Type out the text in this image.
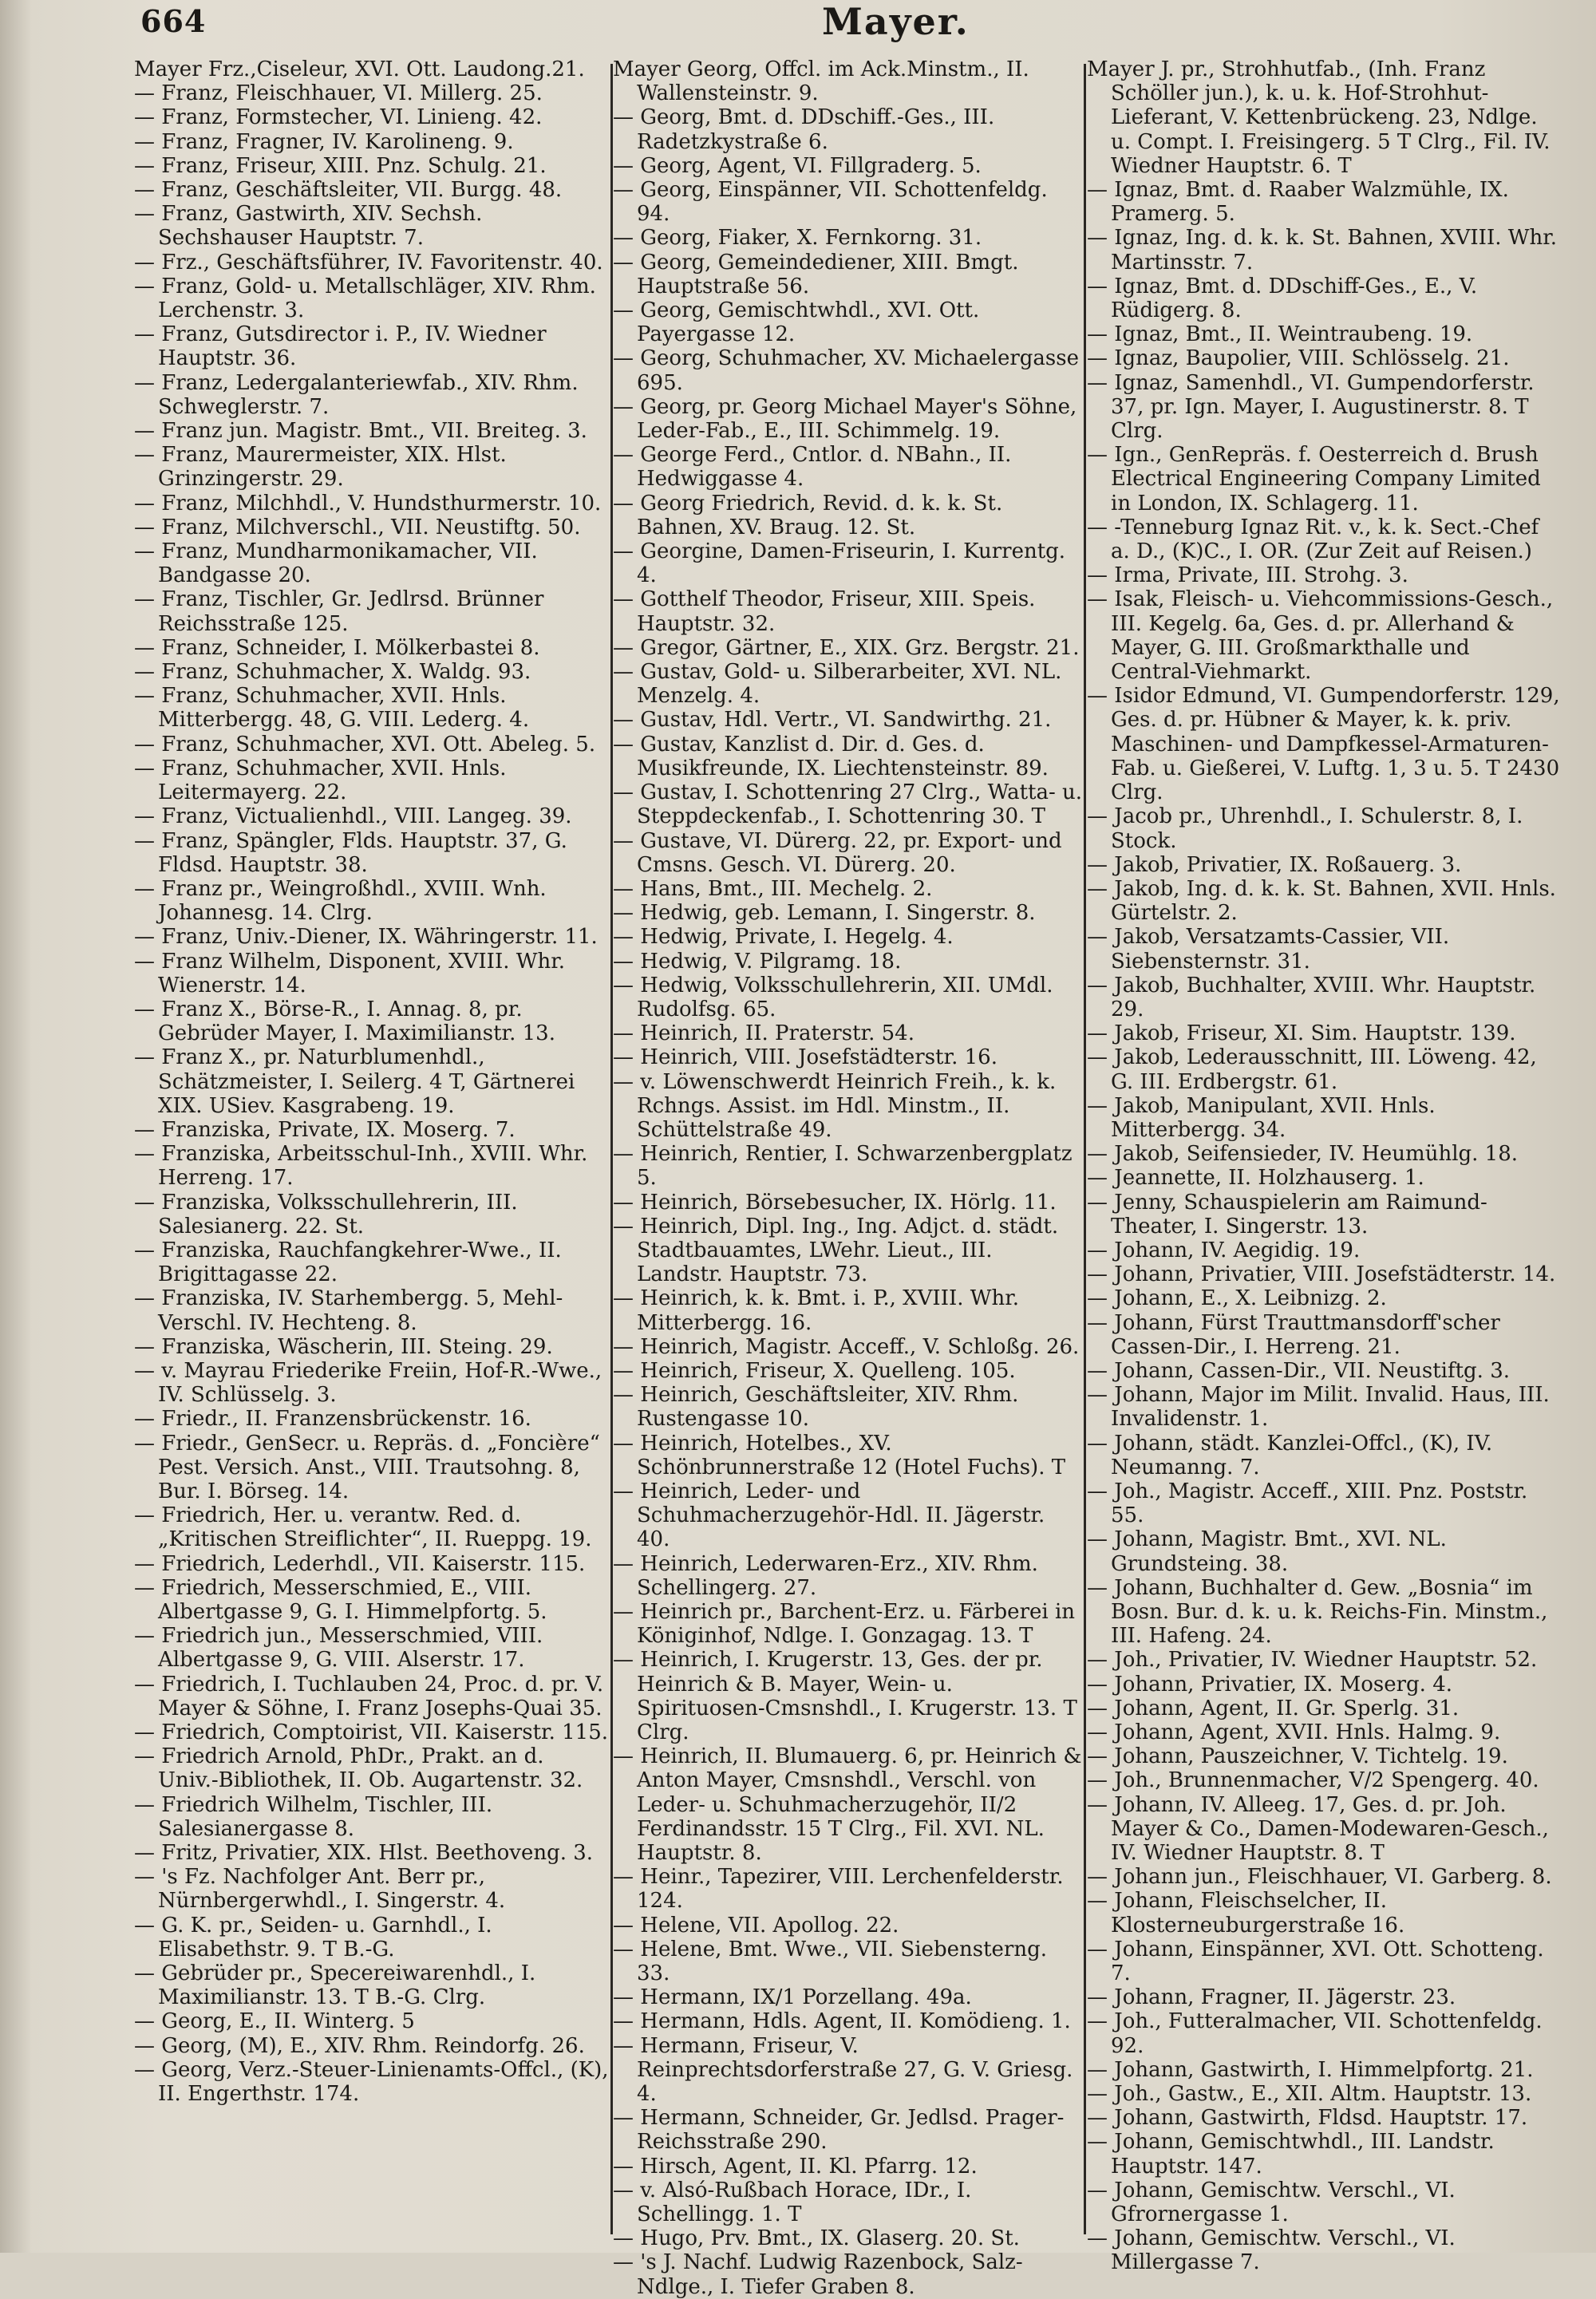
664	Mayer.

Mayer Frz.,Ciseleur, XVI. Ott. Laudong.21.

— Franz, Fleischhauer, VI. Millerg. 25.

— Franz, Formstecher, VI. Linieng. 42.

— Franz, Fragner, IV. Karolineng. 9.

— Franz, Friseur, XIII. Pnz. Schulg. 21.

— Franz, Geschäftsleiter, VII. Burgg. 48.

— Franz, Gastwirth, XIV. Sechsh. Sechshauser Hauptstr. 7.

— Frz., Geschäftsführer, IV. Favoritenstr. 40.

— Franz, Gold- u. Metallschläger, XIV. Rhm. Lerchenstr. 3.

— Franz, Gutsdirector i. P., IV. Wiedner Hauptstr. 36.

— Franz, Ledergalanteriewfab., XIV. Rhm. Schweglerstr. 7.

— Franz jun. Magistr. Bmt., VII. Breiteg. 3.

— Franz, Maurermeister, XIX. Hlst. Grinzingerstr. 29.

— Franz, Milchhdl., V. Hundsthurmerstr. 10.

— Franz, Milchverschl., VII. Neustiftg. 50.

— Franz, Mundharmonikamacher, VII. Bandgasse 20.

— Franz, Tischler, Gr. Jedlrsd. Brünner Reichsstraße 125.

— Franz, Schneider, I. Mölkerbastei 8.

— Franz, Schuhmacher, X. Waldg. 93.

— Franz, Schuhmacher, XVII. Hnls. Mitterbergg. 48, G. VIII. Lederg. 4.

— Franz, Schuhmacher, XVI. Ott. Abeleg. 5.

— Franz, Schuhmacher, XVII. Hnls. Leitermayerg. 22.

— Franz, Victualienhdl., VIII. Langeg. 39.

— Franz, Spängler, Flds. Hauptstr. 37, G. Fldsd. Hauptstr. 38.

— Franz pr., Weingroßhdl., XVIII. Wnh. Johannesg. 14. Clrg.

— Franz, Univ.-Diener, IX. Währingerstr. 11.

— Franz Wilhelm, Disponent, XVIII. Whr. Wienerstr. 14.

— Franz X., Börse-R., I. Annag. 8, pr. Gebrüder Mayer, I. Maximilianstr. 13.

— Franz X., pr. Naturblumenhdl., Schätzmeister, I. Seilerg. 4 T, Gärtnerei XIX. USiev. Kasgrabeng. 19.

— Franziska, Private, IX. Moserg. 7.

— Franziska, Arbeitsschul-Inh., XVIII. Whr. Herreng. 17.

— Franziska, Volksschullehrerin, III. Salesianerg. 22. St.

— Franziska, Rauchfangkehrer-Wwe., II. Brigittagasse 22.

— Franziska, IV. Starhembergg. 5, Mehl-Verschl. IV. Hechteng. 8.

— Franziska, Wäscherin, III. Steing. 29.

— v. Mayrau Friederike Freiin, Hof-R.-Wwe., IV. Schlüsselg. 3.

— Friedr., II. Franzensbrückenstr. 16.

— Friedr., GenSecr. u. Repräs. d. „Foncière“ Pest. Versich. Anst., VIII. Trautsohng. 8, Bur. I. Börseg. 14.

— Friedrich, Her. u. verantw. Red. d. „Kritischen Streiflichter“, II. Rueppg. 19.

— Friedrich, Lederhdl., VII. Kaiserstr. 115.

— Friedrich, Messerschmied, E., VIII. Albertgasse 9, G. I. Himmelpfortg. 5.

— Friedrich jun., Messerschmied, VIII. Albertgasse 9, G. VIII. Alserstr. 17.

— Friedrich, I. Tuchlauben 24, Proc. d. pr. V. Mayer & Söhne, I. Franz Josephs-Quai 35.

— Friedrich, Comptoirist, VII. Kaiserstr. 115.

— Friedrich Arnold, PhDr., Prakt. an d. Univ.-Bibliothek, II. Ob. Augartenstr. 32.

— Friedrich Wilhelm, Tischler, III. Salesianergasse 8.

— Fritz, Privatier, XIX. Hlst. Beethoveng. 3.

— 's Fz. Nachfolger Ant. Berr pr., Nürnbergerwhdl., I. Singerstr. 4.

— G. K. pr., Seiden- u. Garnhdl., I. Elisabethstr. 9. T B.-G.

— Gebrüder pr., Specereiwarenhdl., I. Maximilianstr. 13. T B.-G. Clrg.

— Georg, E., II. Winterg. 5

— Georg, (M), E., XIV. Rhm. Reindorfg. 26.

— Georg, Verz.-Steuer-Linienamts-Offcl., (K), II. Engerthstr. 174.

Mayer Georg, Offcl. im Ack.Minstm., II. Wallensteinstr. 9.

— Georg, Bmt. d. DDschiff.-Ges., III. Radetzkystraße 6.

— Georg, Agent, VI. Fillgraderg. 5.

— Georg, Einspänner, VII. Schottenfeldg. 94.

— Georg, Fiaker, X. Fernkorng. 31.

— Georg, Gemeindediener, XIII. Bmgt. Hauptstraße 56.

— Georg, Gemischtwhdl., XVI. Ott. Payergasse 12.

— Georg, Schuhmacher, XV. Michaelergasse 695.

— Georg, pr. Georg Michael Mayer's Söhne, Leder-Fab., E., III. Schimmelg. 19.

— George Ferd., Cntlor. d. NBahn., II. Hedwiggasse 4.

— Georg Friedrich, Revid. d. k. k. St. Bahnen, XV. Braug. 12. St.

— Georgine, Damen-Friseurin, I. Kurrentg. 4.

— Gotthelf Theodor, Friseur, XIII. Speis. Hauptstr. 32.

— Gregor, Gärtner, E., XIX. Grz. Bergstr. 21.

— Gustav, Gold- u. Silberarbeiter, XVI. NL. Menzelg. 4.

— Gustav, Hdl. Vertr., VI. Sandwirthg. 21.

— Gustav, Kanzlist d. Dir. d. Ges. d. Musikfreunde, IX. Liechtensteinstr. 89.

— Gustav, I. Schottenring 27 Clrg., Watta- u. Steppdeckenfab., I. Schottenring 30. T

— Gustave, VI. Dürerg. 22, pr. Export- und Cmsns. Gesch. VI. Dürerg. 20.

— Hans, Bmt., III. Mechelg. 2.

— Hedwig, geb. Lemann, I. Singerstr. 8.

— Hedwig, Private, I. Hegelg. 4.

— Hedwig, V. Pilgramg. 18.

— Hedwig, Volksschullehrerin, XII. UMdl. Rudolfsg. 65.

— Heinrich, II. Praterstr. 54.

— Heinrich, VIII. Josefstädterstr. 16.

— v. Löwenschwerdt Heinrich Freih., k. k. Rchngs. Assist. im Hdl. Minstm., II. Schüttelstraße 49.

— Heinrich, Rentier, I. Schwarzenbergplatz 5.

— Heinrich, Börsebesucher, IX. Hörlg. 11.

— Heinrich, Dipl. Ing., Ing. Adjct. d. städt. Stadtbauamtes, LWehr. Lieut., III. Landstr. Hauptstr. 73.

— Heinrich, k. k. Bmt. i. P., XVIII. Whr. Mitterbergg. 16.

— Heinrich, Magistr. Acceff., V. Schloßg. 26.

— Heinrich, Friseur, X. Quelleng. 105.

— Heinrich, Geschäftsleiter, XIV. Rhm. Rustengasse 10.

— Heinrich, Hotelbes., XV. Schönbrunnerstraße 12 (Hotel Fuchs). T

— Heinrich, Leder- und Schuhmacherzugehör-Hdl. II. Jägerstr. 40.

— Heinrich, Lederwaren-Erz., XIV. Rhm. Schellingerg. 27.

— Heinrich pr., Barchent-Erz. u. Färberei in Königinhof, Ndlge. I. Gonzagag. 13. T

— Heinrich, I. Krugerstr. 13, Ges. der pr. Heinrich & B. Mayer, Wein- u. Spirituosen-Cmsnshdl., I. Krugerstr. 13. T Clrg.

— Heinrich, II. Blumauerg. 6, pr. Heinrich & Anton Mayer, Cmsnshdl., Verschl. von Leder- u. Schuhmacherzugehör, II/2 Ferdinandsstr. 15 T Clrg., Fil. XVI. NL. Hauptstr. 8.

— Heinr., Tapezirer, VIII. Lerchenfelderstr. 124.

— Helene, VII. Apollog. 22.

— Helene, Bmt. Wwe., VII. Siebensterng. 33.

— Hermann, IX/1 Porzellang. 49a.

— Hermann, Hdls. Agent, II. Komödieng. 1.

— Hermann, Friseur, V. Reinprechtsdorferstraße 27, G. V. Griesg. 4.

— Hermann, Schneider, Gr. Jedlsd. Prager-Reichsstraße 290.

— Hirsch, Agent, II. Kl. Pfarrg. 12.

— v. Alsó-Rußbach Horace, IDr., I. Schellingg. 1. T

— Hugo, Prv. Bmt., IX. Glaserg. 20. St.

— 's J. Nachf. Ludwig Razenbock, Salz-Ndlge., I. Tiefer Graben 8.

Mayer J. pr., Strohhutfab., (Inh. Franz Schöller jun.), k. u. k. Hof-Strohhut-Lieferant, V. Kettenbrückeng. 23, Ndlge. u. Compt. I. Freisingerg. 5 T Clrg., Fil. IV. Wiedner Hauptstr. 6. T

— Ignaz, Bmt. d. Raaber Walzmühle, IX. Pramerg. 5.

— Ignaz, Ing. d. k. k. St. Bahnen, XVIII. Whr. Martinsstr. 7.

— Ignaz, Bmt. d. DDschiff-Ges., E., V. Rüdigerg. 8.

— Ignaz, Bmt., II. Weintraubeng. 19.

— Ignaz, Baupolier, VIII. Schlösselg. 21.

— Ignaz, Samenhdl., VI. Gumpendorferstr. 37, pr. Ign. Mayer, I. Augustinerstr. 8. T Clrg.

— Ign., GenRepräs. f. Oesterreich d. Brush Electrical Engineering Company Limited in London, IX. Schlagerg. 11.

— -Tenneburg Ignaz Rit. v., k. k. Sect.-Chef a. D., (K)C., I. OR. (Zur Zeit auf Reisen.)

— Irma, Private, III. Strohg. 3.

— Isak, Fleisch- u. Viehcommissions-Gesch., III. Kegelg. 6a, Ges. d. pr. Allerhand & Mayer, G. III. Großmarkthalle und Central-Viehmarkt.

— Isidor Edmund, VI. Gumpendorferstr. 129, Ges. d. pr. Hübner & Mayer, k. k. priv. Maschinen- und Dampfkessel-Armaturen-Fab. u. Gießerei, V. Luftg. 1, 3 u. 5. T 2430 Clrg.

— Jacob pr., Uhrenhdl., I. Schulerstr. 8, I. Stock.

— Jakob, Privatier, IX. Roßauerg. 3.

— Jakob, Ing. d. k. k. St. Bahnen, XVII. Hnls. Gürtelstr. 2.

— Jakob, Versatzamts-Cassier, VII. Siebensternstr. 31.

— Jakob, Buchhalter, XVIII. Whr. Hauptstr. 29.

— Jakob, Friseur, XI. Sim. Hauptstr. 139.

— Jakob, Lederausschnitt, III. Löweng. 42, G. III. Erdbergstr. 61.

— Jakob, Manipulant, XVII. Hnls. Mitterbergg. 34.

— Jakob, Seifensieder, IV. Heumühlg. 18.

— Jeannette, II. Holzhauserg. 1.

— Jenny, Schauspielerin am Raimund-Theater, I. Singerstr. 13.

— Johann, IV. Aegidig. 19.

— Johann, Privatier, VIII. Josefstädterstr. 14.

— Johann, E., X. Leibnizg. 2.

— Johann, Fürst Trauttmansdorff'scher Cassen-Dir., I. Herreng. 21.

— Johann, Cassen-Dir., VII. Neustiftg. 3.

— Johann, Major im Milit. Invalid. Haus, III. Invalidenstr. 1.

— Johann, städt. Kanzlei-Offcl., (K), IV. Neumanng. 7.

— Joh., Magistr. Acceff., XIII. Pnz. Poststr. 55.

— Johann, Magistr. Bmt., XVI. NL. Grundsteing. 38.

— Johann, Buchhalter d. Gew. „Bosnia“ im Bosn. Bur. d. k. u. k. Reichs-Fin. Minstm., III. Hafeng. 24.

— Joh., Privatier, IV. Wiedner Hauptstr. 52.

— Johann, Privatier, IX. Moserg. 4.

— Johann, Agent, II. Gr. Sperlg. 31.

— Johann, Agent, XVII. Hnls. Halmg. 9.

— Johann, Pauszeichner, V. Tichtelg. 19.

— Joh., Brunnenmacher, V/2 Spengerg. 40.

— Johann, IV. Alleeg. 17, Ges. d. pr. Joh. Mayer & Co., Damen-Modewaren-Gesch., IV. Wiedner Hauptstr. 8. T

— Johann jun., Fleischhauer, VI. Garberg. 8.

— Johann, Fleischselcher, II. Klosterneuburgerstraße 16.

— Johann, Einspänner, XVI. Ott. Schotteng. 7.

— Johann, Fragner, II. Jägerstr. 23.

— Joh., Futteralmacher, VII. Schottenfeldg. 92.

— Johann, Gastwirth, I. Himmelpfortg. 21.

— Joh., Gastw., E., XII. Altm. Hauptstr. 13.

— Johann, Gastwirth, Fldsd. Hauptstr. 17.

— Johann, Gemischtwhdl., III. Landstr. Hauptstr. 147.

— Johann, Gemischtw. Verschl., VI. Gfrornergasse 1.

— Johann, Gemischtw. Verschl., VI. Millergasse 7.
